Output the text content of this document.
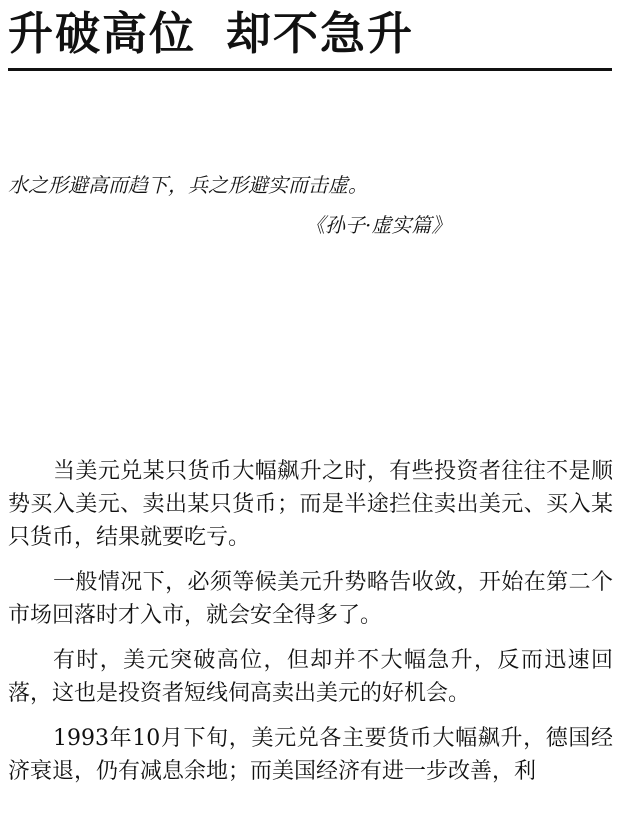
升破高位 却不急升
水之形避高而趋下，兵之形避实而击虚。
《孙子·虚实篇》

当美元兑某只货币大幅飙升之时，有些投资者往往不是顺势买入美元、卖出某只货币；而是半途拦住卖出美元、买入某只货币，结果就要吃亏。

一般情况下，必须等候美元升势略告收敛，开始在第二个市场回落时才入市，就会安全得多了。

有时，美元突破高位，但却并不大幅急升，反而迅速回落，这也是投资者短线伺高卖出美元的好机会。

1993年10月下旬，美元兑各主要货币大幅飙升，德国经济衰退，仍有减息余地；而美国经济有进一步改善，利
